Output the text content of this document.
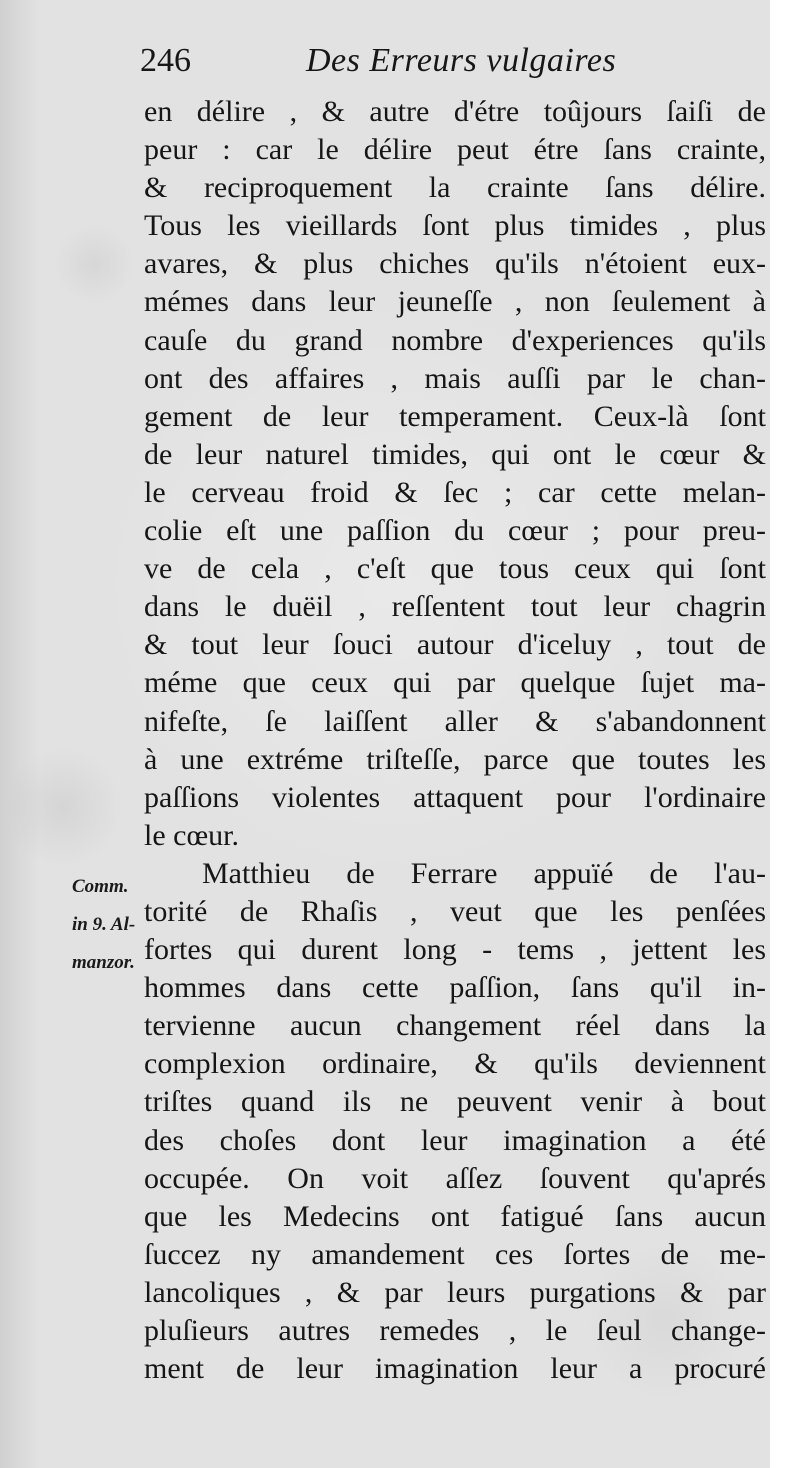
246	Des Erreurs vulgaires
en délire , & autre d'étre toûjours ſaiſi de
peur : car le délire peut étre ſans crainte,
& reciproquement la crainte ſans délire.
Tous les vieillards ſont plus timides , plus
avares, & plus chiches qu'ils n'étoient eux-
mémes dans leur jeuneſſe , non ſeulement à
cauſe du grand nombre d'experiences qu'ils
ont des affaires , mais auſſi par le chan-
gement de leur temperament. Ceux-là ſont
de leur naturel timides, qui ont le cœur &
le cerveau froid & ſec ; car cette melan-
colie eſt une paſſion du cœur ; pour preu-
ve de cela , c'eſt que tous ceux qui ſont
dans le duëil , reſſentent tout leur chagrin
& tout leur ſouci autour d'iceluy , tout de
méme que ceux qui par quelque ſujet ma-
nifeſte, ſe laiſſent aller & s'abandonnent
à une extréme triſteſſe, parce que toutes les
paſſions violentes attaquent pour l'ordinaire
le cœur.
Matthieu de Ferrare appuïé de l'au-
torité de Rhaſis , veut que les penſées
fortes qui durent long - tems , jettent les
hommes dans cette paſſion, ſans qu'il in-
tervienne aucun changement réel dans la
complexion ordinaire, & qu'ils deviennent
triſtes quand ils ne peuvent venir à bout
des choſes dont leur imagination a été
occupée. On voit aſſez ſouvent qu'aprés
que les Medecins ont fatigué ſans aucun
ſuccez ny amandement ces ſortes de me-
lancoliques , & par leurs purgations & par
pluſieurs autres remedes , le ſeul change-
ment de leur imagination leur a procuré
Comm.
in 9. Al-
manzor.
